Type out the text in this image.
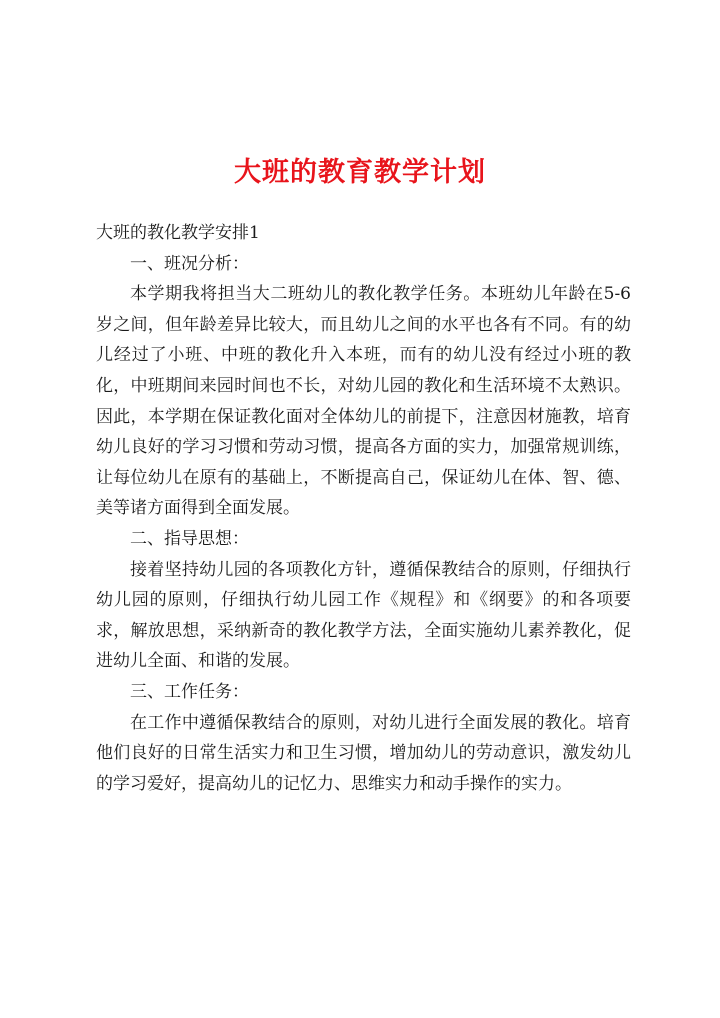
大班的教育教学计划

大班的教化教学安排1

一、班况分析：

本学期我将担当大二班幼儿的教化教学任务。本班幼儿年龄在5-6岁之间，但年龄差异比较大，而且幼儿之间的水平也各有不同。有的幼儿经过了小班、中班的教化升入本班，而有的幼儿没有经过小班的教化，中班期间来园时间也不长，对幼儿园的教化和生活环境不太熟识。因此，本学期在保证教化面对全体幼儿的前提下，注意因材施教，培育幼儿良好的学习习惯和劳动习惯，提高各方面的实力，加强常规训练，让每位幼儿在原有的基础上，不断提高自己，保证幼儿在体、智、德、美等诸方面得到全面发展。

二、指导思想：

接着坚持幼儿园的各项教化方针，遵循保教结合的原则，仔细执行幼儿园的原则，仔细执行幼儿园工作《规程》和《纲要》的和各项要求，解放思想，采纳新奇的教化教学方法，全面实施幼儿素养教化，促进幼儿全面、和谐的发展。

三、工作任务：

在工作中遵循保教结合的原则，对幼儿进行全面发展的教化。培育他们良好的日常生活实力和卫生习惯，增加幼儿的劳动意识，激发幼儿的学习爱好，提高幼儿的记忆力、思维实力和动手操作的实力。
